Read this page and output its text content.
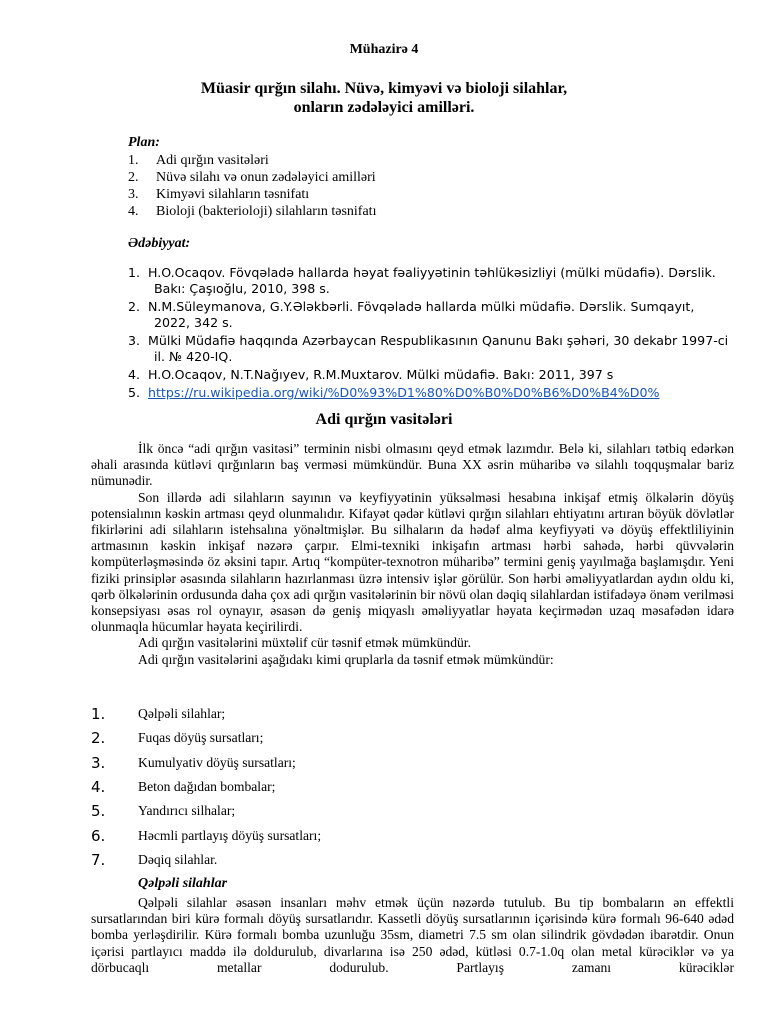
Mühazirə 4
Müasir qırğın silahı. Nüvə, kimyəvi və bioloji silahlar,
onların zədələyici amilləri.
Plan:
1.	Adi qırğın vasitələri
2.	Nüvə silahı və onun zədələyici amilləri
3.	Kimyəvi silahların təsnifatı
4.	Bioloji (bakterioloji) silahların təsnifatı
Ədəbiyyat:
1. H.O.Ocaqov. Fövqəladə hallarda həyat fəaliyyətinin təhlükəsizliyi (mülki müdafiə). Dərslik.
Bakı: Çaşıoğlu, 2010, 398 s.
2. N.M.Süleymanova, G.Y.Ələkbərli. Fövqəladə hallarda mülki müdafiə. Dərslik. Sumqayıt,
2022, 342 s.
3. Mülki Müdafiə haqqında Azərbaycan Respublikasının Qanunu Bakı şəhəri, 30 dekabr 1997-ci
il. № 420-IQ.
4. H.O.Ocaqov, N.T.Nağıyev, R.M.Muxtarov. Mülki müdafiə. Bakı: 2011, 397 s
5. https://ru.wikipedia.org/wiki/%D0%93%D1%80%D0%B0%D0%B6%D0%B4%D0%
Adi qırğın vasitələri

İlk öncə “adi qırğın vasitəsi” terminin nisbi olmasını qeyd etmək lazımdır. Belə ki, silahları tətbiq edərkən əhali arasında kütləvi qırğınların baş verməsi mümkündür. Buna XX əsrin müharibə və silahlı toqquşmalar bariz nümunədir.

Son illərdə adi silahların sayının və keyfiyyətinin yüksəlməsi hesabına inkişaf etmiş ölkələrin döyüş potensialının kəskin artması qeyd olunmalıdır. Kifayət qədər kütləvi qırğın silahları ehtiyatını artıran böyük dövlətlər fikirlərini adi silahların istehsalına yönəltmişlər. Bu silhaların da hədəf alma keyfiyyəti və döyüş effektliliyinin artmasının kəskin inkişaf nəzərə çarpır. Elmi-texniki inkişafın artması hərbi sahədə, hərbi qüvvələrin kompüterləşməsində öz əksini tapır. Artıq “kompüter-texnotron müharibə” termini geniş yayılmağa başlamışdır. Yeni fiziki prinsiplər əsasında silahların hazırlanması üzrə intensiv işlər görülür. Son hərbi əməliyyatlardan aydın oldu ki, qərb ölkələrinin ordusunda daha çox adi qırğın vasitələrinin bir növü olan dəqiq silahlardan istifadəyə önəm verilməsi konsepsiyası əsas rol oynayır, əsasən də geniş miqyaslı əməliyyatlar həyata keçirmədən uzaq məsafədən idarə olunmaqla hücumlar həyata keçirilirdi.

Adi qırğın vasitələrini müxtəlif cür təsnif etmək mümkündür.

Adi qırğın vasitələrini aşağıdakı kimi qruplarla da təsnif etmək mümkündür:

1.	Qəlpəli silahlar;
2.	Fuqas döyüş sursatları;
3.	Kumulyativ döyüş sursatları;
4.	Beton dağıdan bombalar;
5.	Yandırıcı silhalar;
6.	Həcmli partlayış döyüş sursatları;
7.	Dəqiq silahlar.
Qəlpəli silahlar

Qəlpəli silahlar əsasən insanları məhv etmək üçün nəzərdə tutulub. Bu tip bombaların ən effektli sursatlarından biri kürə formalı döyüş sursatlarıdır. Kassetli döyüş sursatlarının içərisində kürə formalı 96-640 ədəd bomba yerləşdirilir. Kürə formalı bomba uzunluğu 35sm, diametri 7.5 sm olan silindrik gövdədən ibarətdir. Onun içərisi partlayıcı maddə ilə doldurulub, divarlarına isə 250 ədəd, kütləsi 0.7-1.0q olan metal kürəciklər və ya dörbucaqlı metallar dodurulub. Partlayış zamanı kürəciklər
